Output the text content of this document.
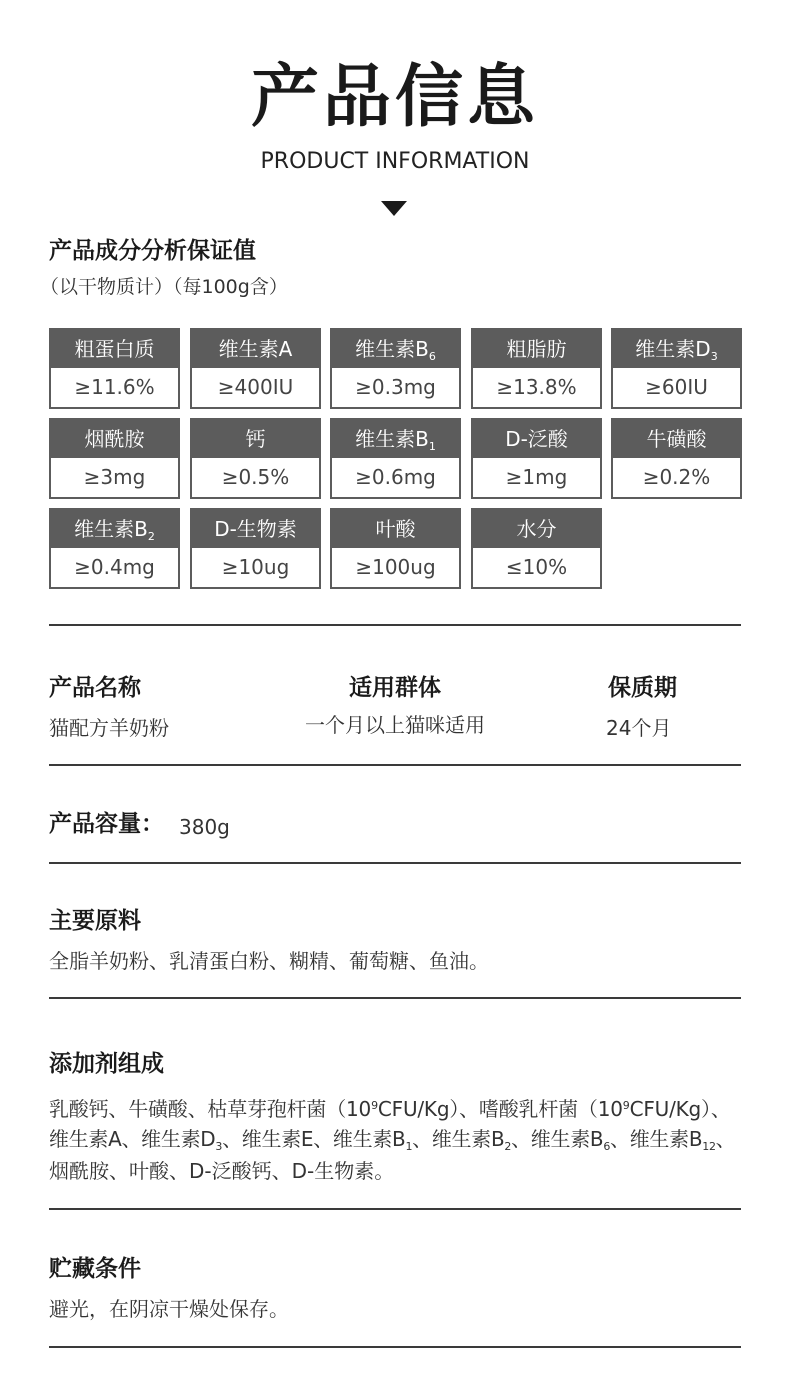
产品信息
PRODUCT INFORMATION
产品成分分析保证值
（以干物质计）（每100g含）
粗蛋白质
≥11.6%
维生素A
≥400IU
维生素$B_6$
≥0.3mg
粗脂肪
≥13.8%
维生素$D_3$
≥60IU
烟酰胺
≥3mg
钙
≥0.5%
维生素$B_1$
≥0.6mg
D-泛酸
≥1mg
牛磺酸
≥0.2%
维生素$B_2$
≥0.4mg
D-生物素
≥10ug
叶酸
≥100ug
水分
≤10%
产品名称
猫配方羊奶粉
适用群体
一个月以上猫咪适用
保质期
24个月
产品容量： 380g
主要原料
全脂羊奶粉、乳清蛋白粉、糊精、葡萄糖、鱼油。
添加剂组成
乳酸钙、牛磺酸、枯草芽孢杆菌$(10^9CFU/Kg)$、嗜酸乳杆菌$(10^9CFU/Kg)$、
维生素A、维生素$D_3$、维生素E、维生素$B_1$、维生素$B_2$、维生素$B_6$、维生素$B_{12}$、
烟酰胺、叶酸、D-泛酸钙、D-生物素。
贮藏条件
避光，在阴凉干燥处保存。
